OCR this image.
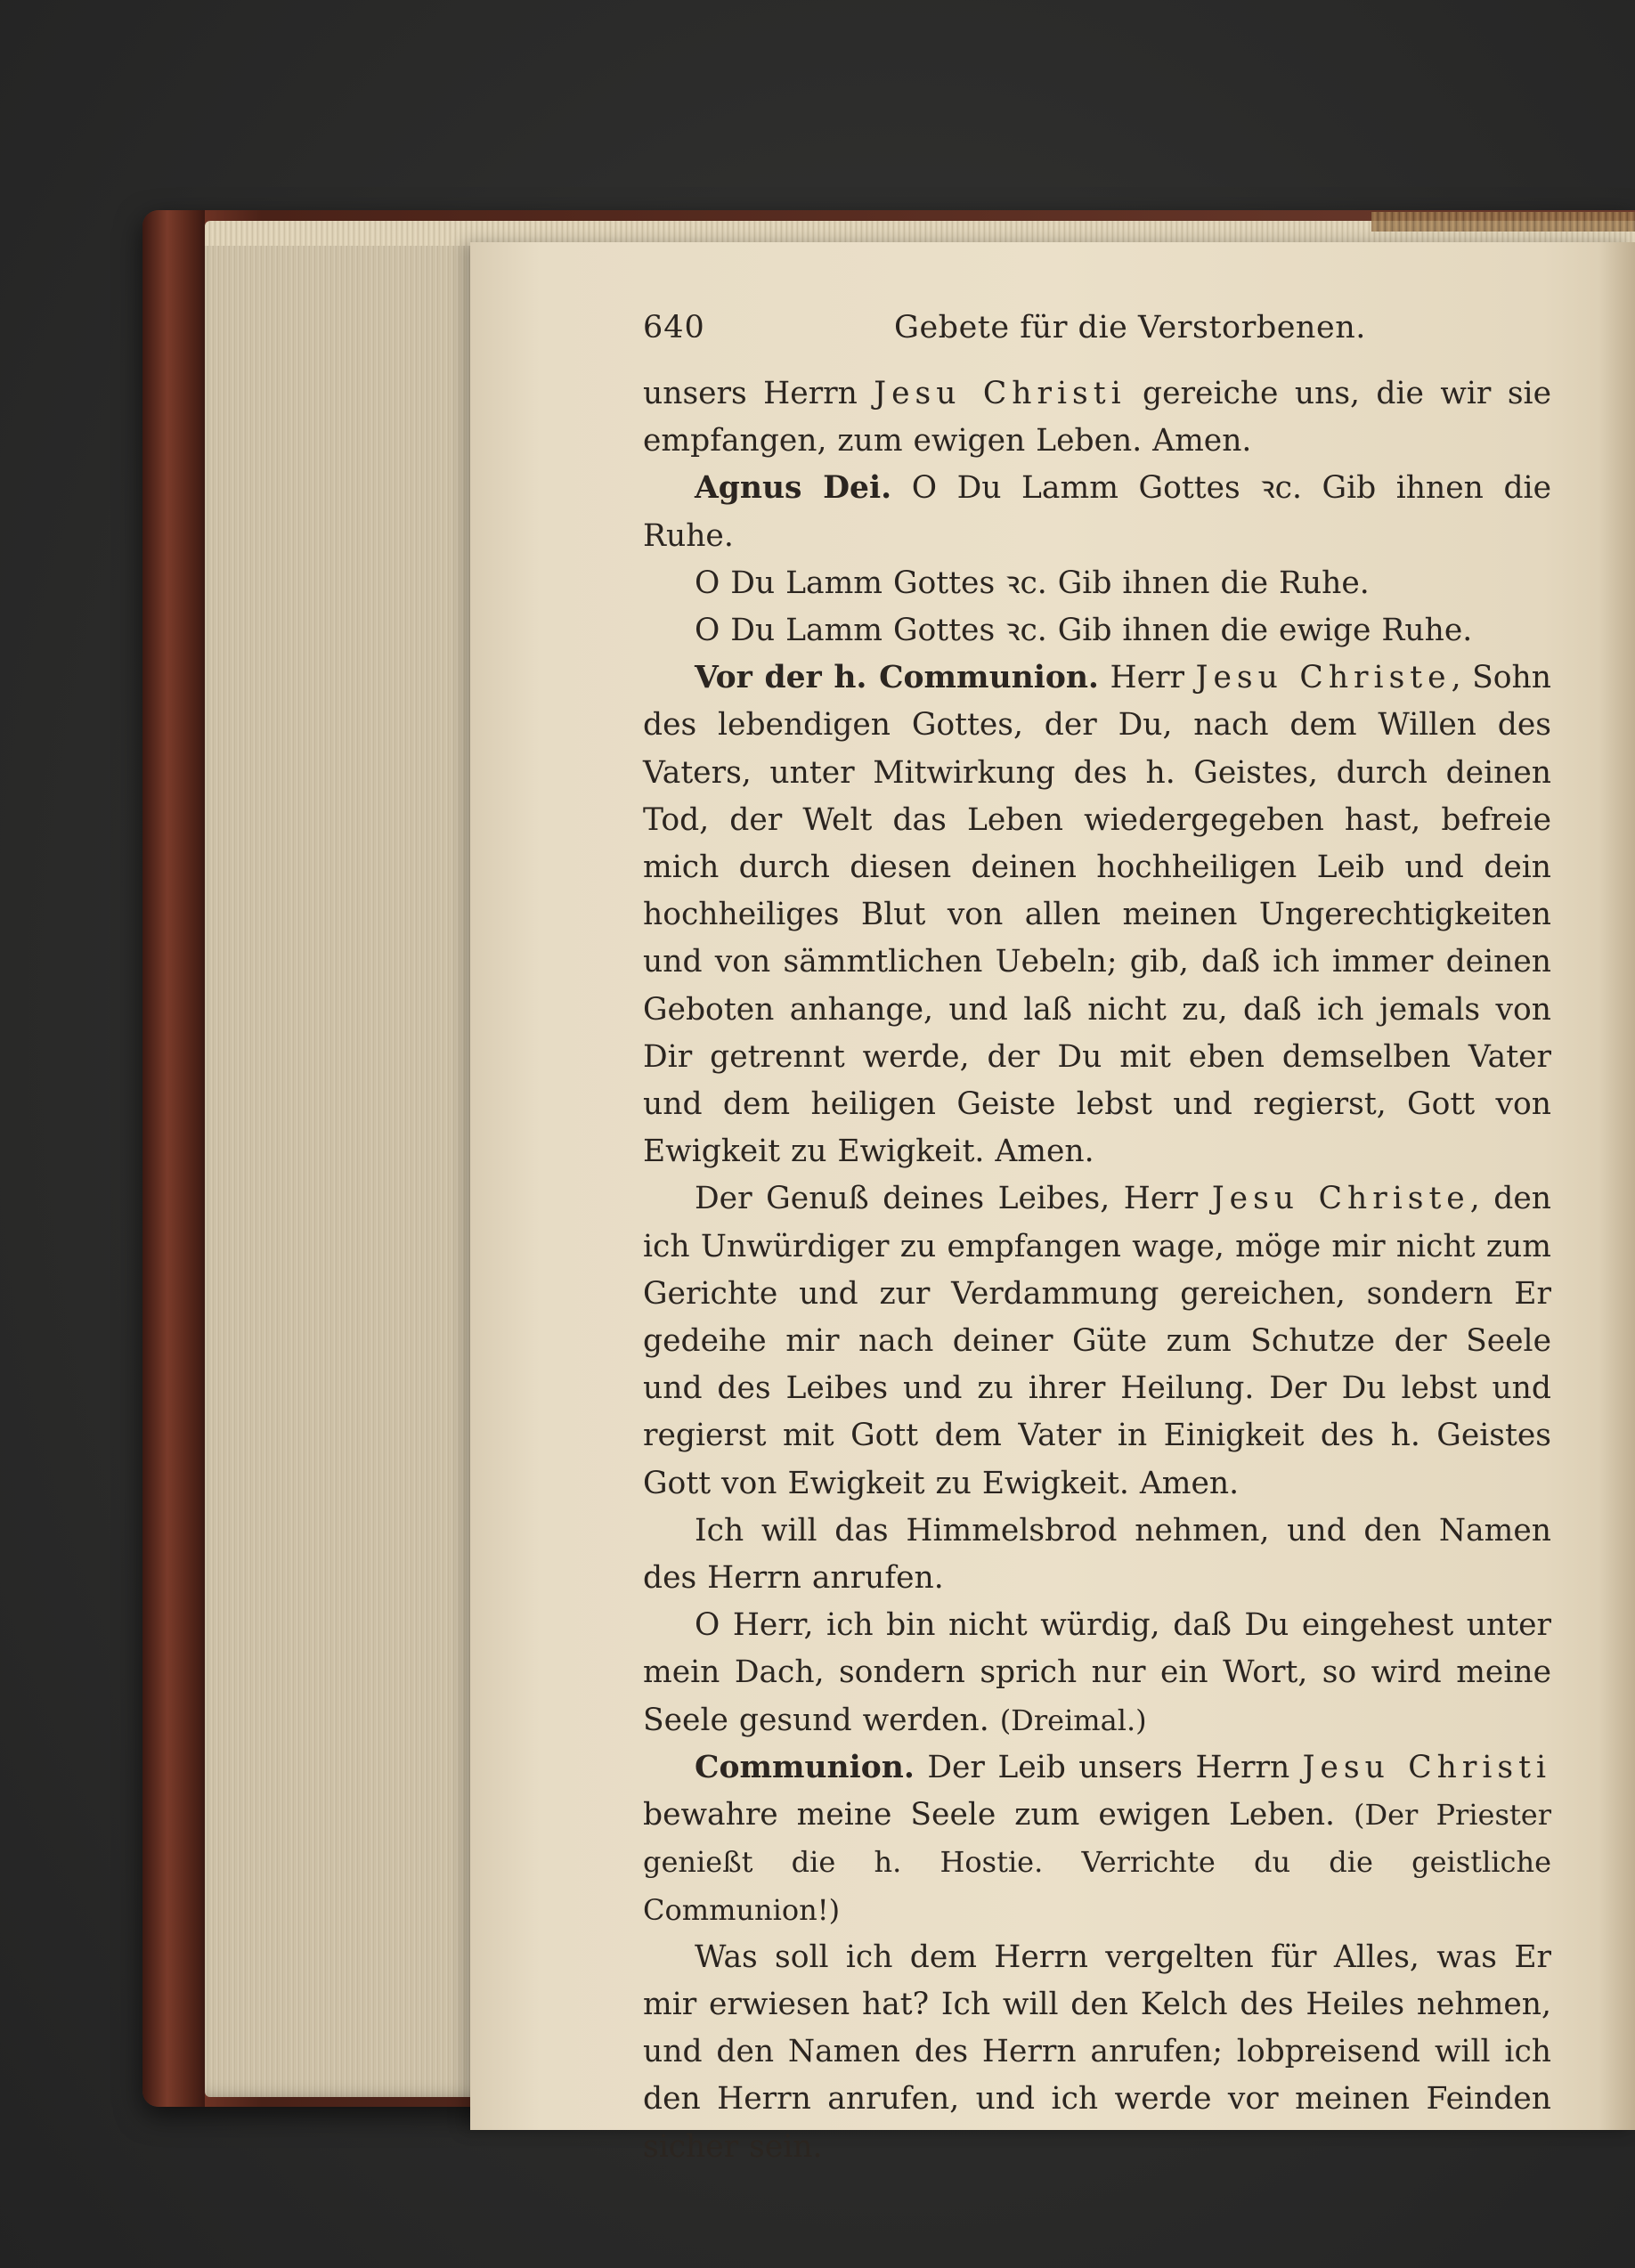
640	Gebete für die Verstorbenen.

unsers Herrn Jesu Christi gereiche uns, die wir sie empfangen, zum ewigen Leben. Amen.

Agnus Dei. O Du Lamm Gottes ꝛc. Gib ihnen die Ruhe.

O Du Lamm Gottes ꝛc. Gib ihnen die Ruhe.

O Du Lamm Gottes ꝛc. Gib ihnen die ewige Ruhe.

Vor der h. Communion. Herr Jesu Christe, Sohn des lebendigen Gottes, der Du, nach dem Willen des Vaters, unter Mitwirkung des h. Geistes, durch deinen Tod, der Welt das Leben wiedergegeben hast, befreie mich durch diesen deinen hochheiligen Leib und dein hochheiliges Blut von allen meinen Ungerechtigkeiten und von sämmtlichen Uebeln; gib, daß ich immer deinen Geboten anhange, und laß nicht zu, daß ich jemals von Dir getrennt werde, der Du mit eben demselben Vater und dem heiligen Geiste lebst und regierst, Gott von Ewigkeit zu Ewigkeit. Amen.

Der Genuß deines Leibes, Herr Jesu Christe, den ich Unwürdiger zu empfangen wage, möge mir nicht zum Gerichte und zur Verdammung gereichen, sondern Er gedeihe mir nach deiner Güte zum Schutze der Seele und des Leibes und zu ihrer Heilung. Der Du lebst und regierst mit Gott dem Vater in Einigkeit des h. Geistes Gott von Ewigkeit zu Ewigkeit. Amen.

Ich will das Himmelsbrod nehmen, und den Namen des Herrn anrufen.

O Herr, ich bin nicht würdig, daß Du eingehest unter mein Dach, sondern sprich nur ein Wort, so wird meine Seele gesund werden. (Dreimal.)

Communion. Der Leib unsers Herrn Jesu Christi bewahre meine Seele zum ewigen Leben. (Der Priester genießt die h. Hostie. Verrichte du die geistliche Communion!)

Was soll ich dem Herrn vergelten für Alles, was Er mir erwiesen hat? Ich will den Kelch des Heiles nehmen, und den Namen des Herrn anrufen; lobpreisend will ich den Herrn anrufen, und ich werde vor meinen Feinden sicher sein.
